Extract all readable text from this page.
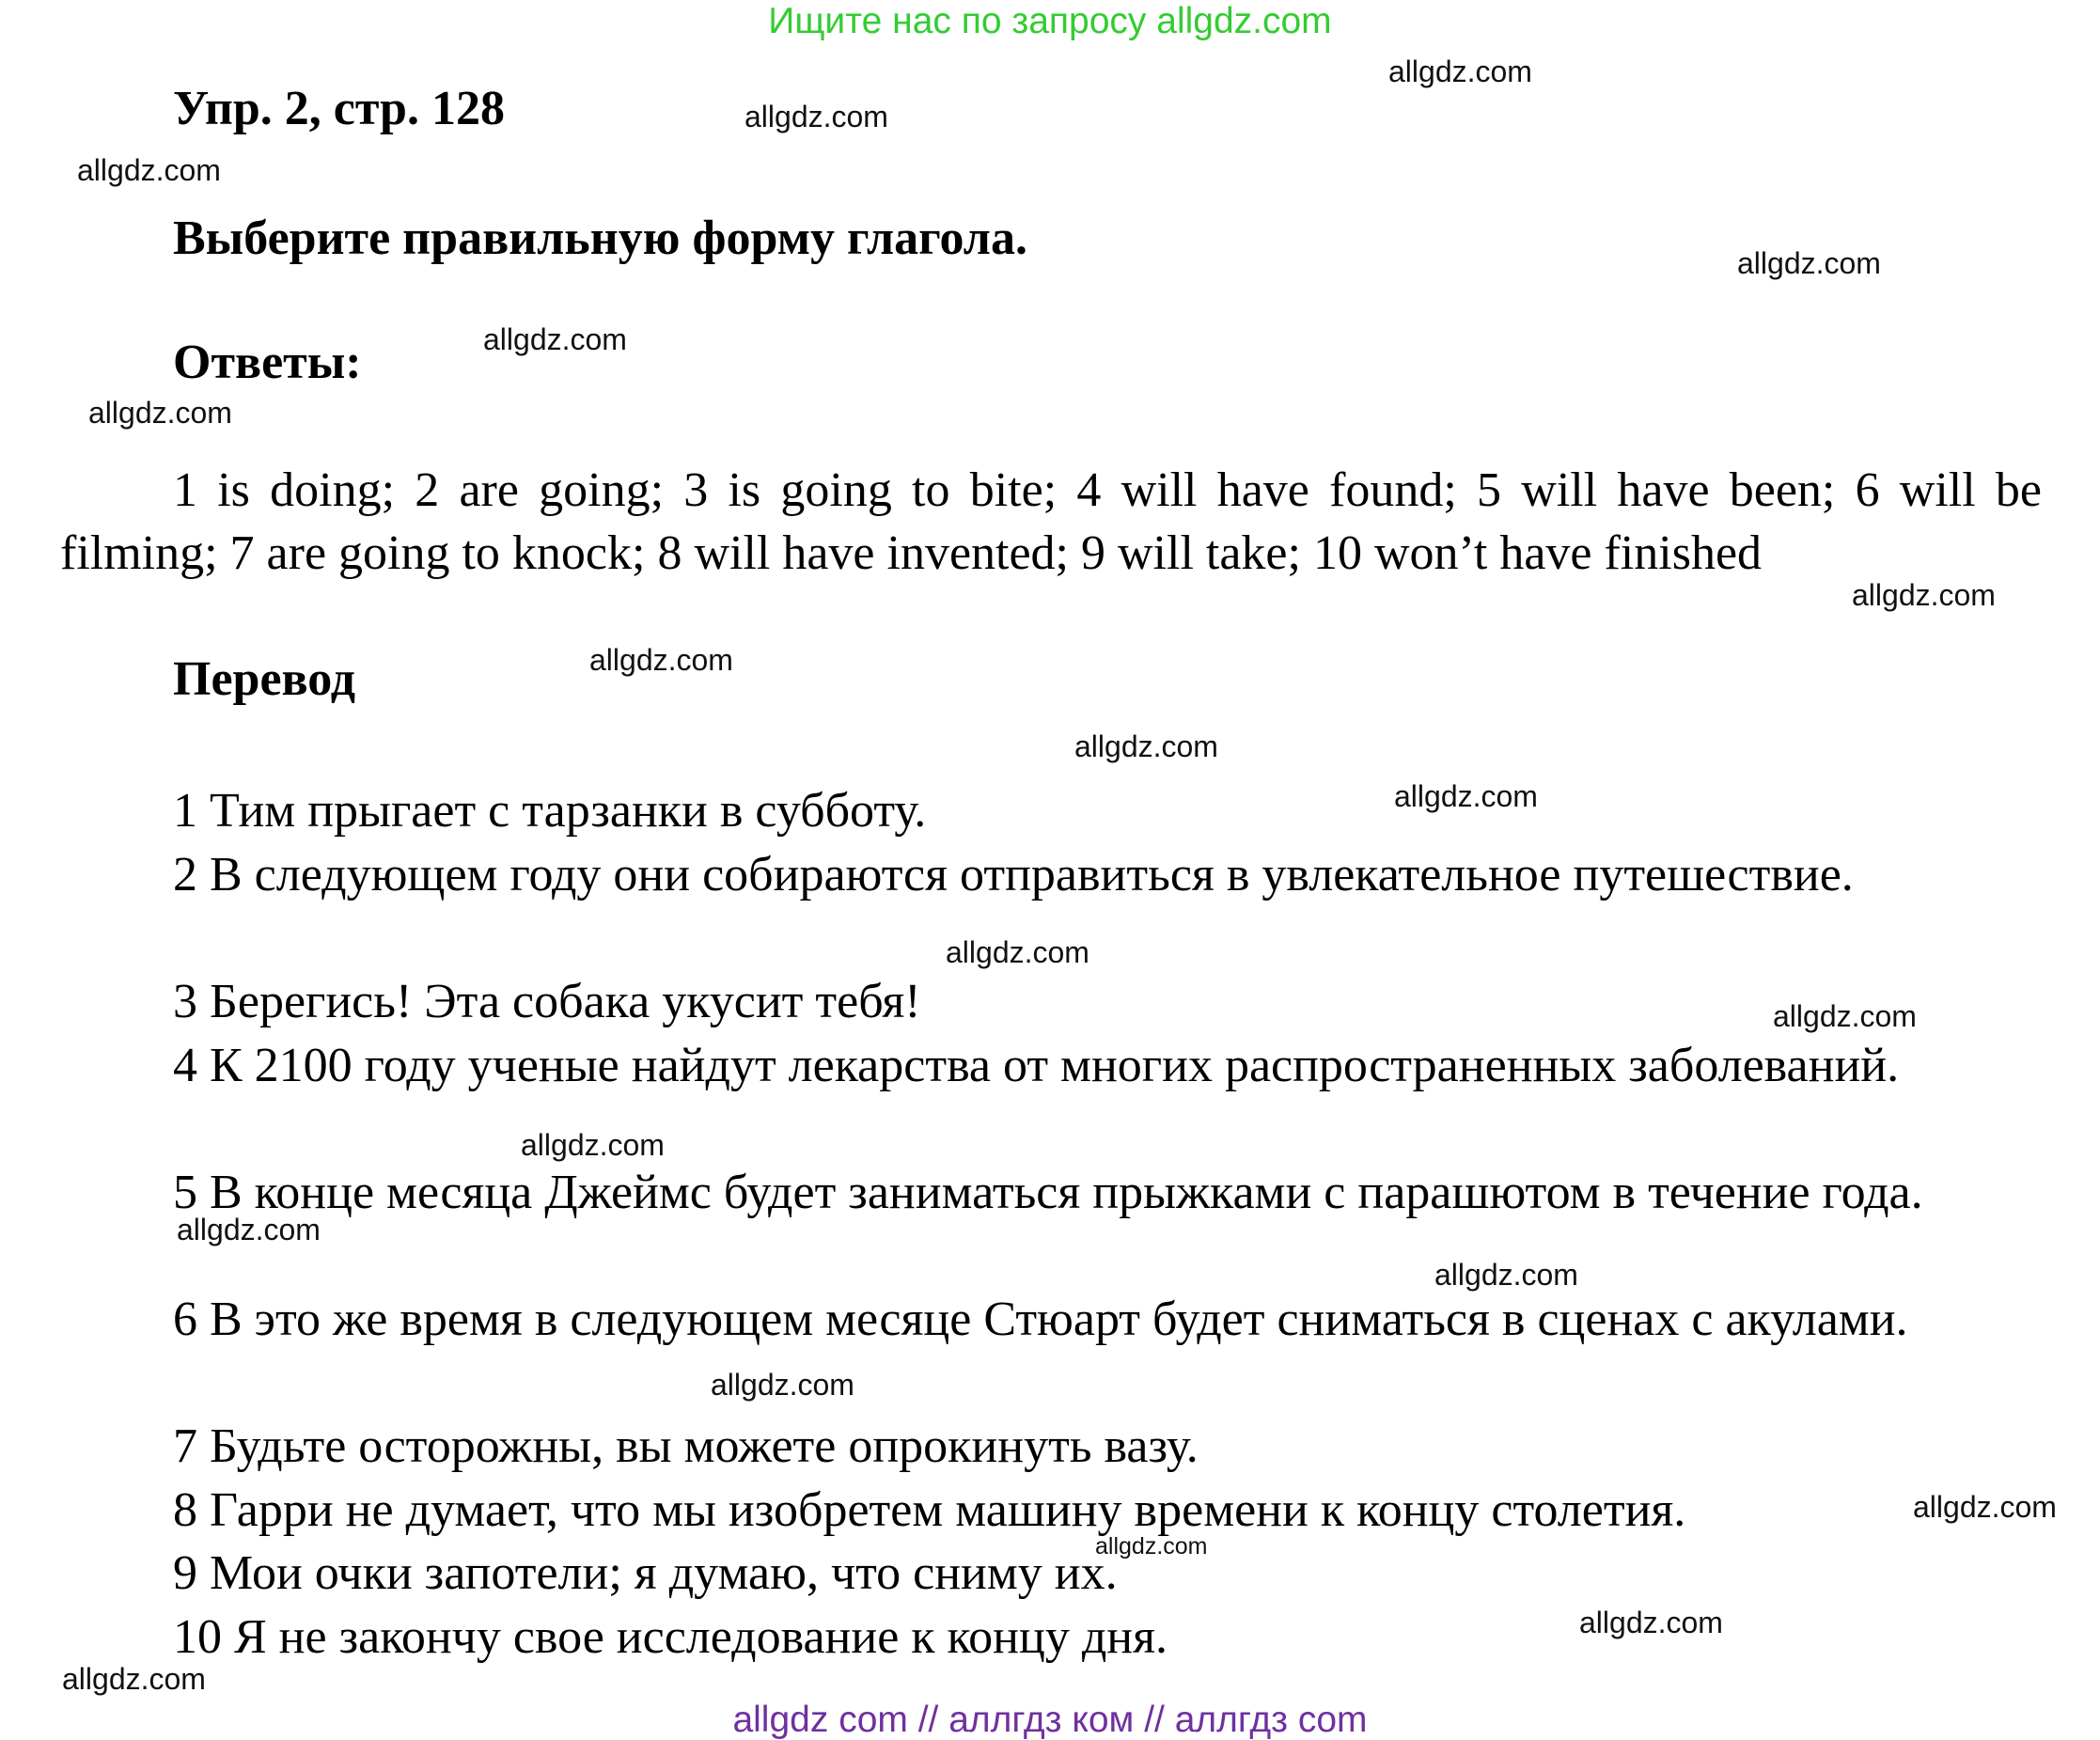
Ищите нас по запросу allgdz.com
Упр. 2, стр. 128
Выберите правильную форму глагола.
Ответы:
1 is doing; 2 are going; 3 is going to bite; 4 will have found; 5 will have been; 6 will be filming; 7 are going to knock; 8 will have invented; 9 will take; 10 won’t have finished
Перевод
1 Тим прыгает с тарзанки в субботу.
2 В следующем году они собираются отправиться в увлекательное путешествие.
3 Берегись! Эта собака укусит тебя!
4 К 2100 году ученые найдут лекарства от многих распространенных заболеваний.
5 В конце месяца Джеймс будет заниматься прыжками с парашютом в течение года.
6 В это же время в следующем месяце Стюарт будет сниматься в сценах с акулами.
7 Будьте осторожны, вы можете опрокинуть вазу.
8 Гарри не думает, что мы изобретем машину времени к концу столетия.
9 Мои очки запотели; я думаю, что сниму их.
10 Я не закончу свое исследование к концу дня.
allgdz.com
allgdz.com
allgdz.com
allgdz.com
allgdz.com
allgdz.com
allgdz.com
allgdz.com
allgdz.com
allgdz.com
allgdz.com
allgdz.com
allgdz.com
allgdz.com
allgdz.com
allgdz.com
allgdz.com
allgdz.com
allgdz.com
allgdz.com
allgdz com // аллгдз ком // аллгдз com
